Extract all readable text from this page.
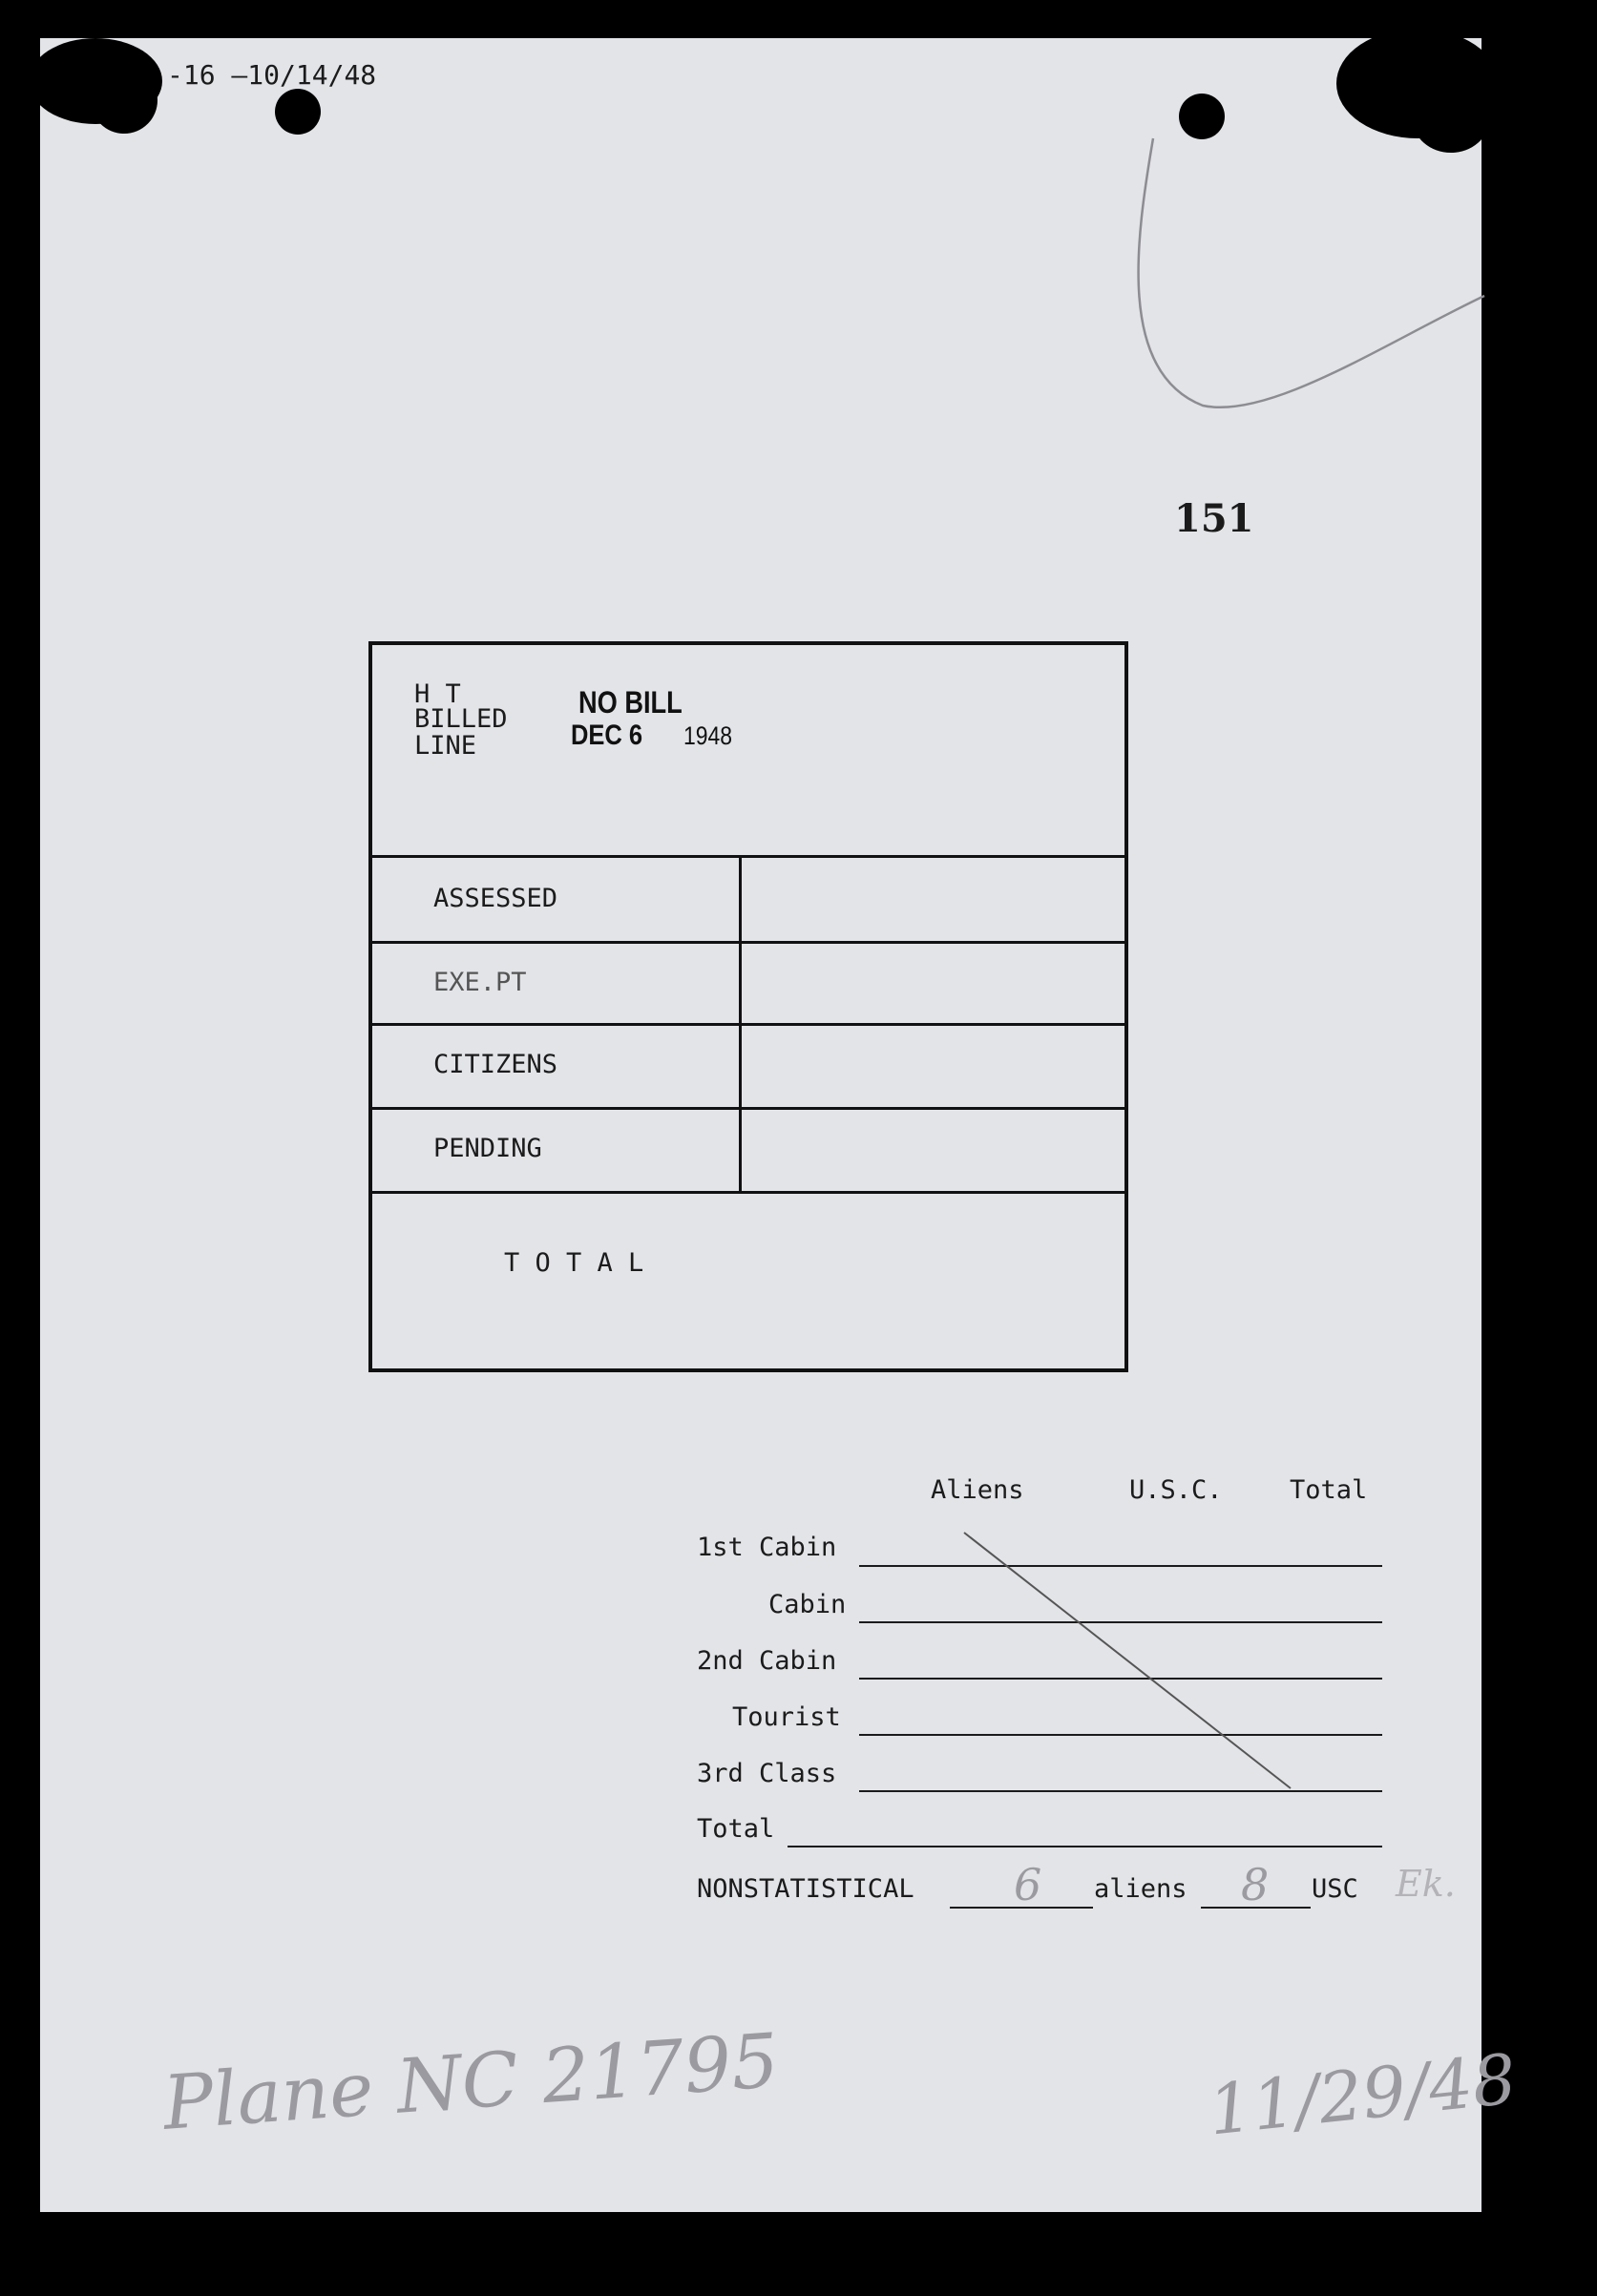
-16 —10/14/48
151
H T
BILLED
LINE
NO BILL
DEC 6 1948
ASSESSED
EXE.PT
CITIZENS
PENDING
T O T A L
Aliens	U.S.C.	Total
1st Cabin
Cabin
2nd Cabin
Tourist
3rd Class
Total
NONSTATISTICAL 6 aliens 8 USC Ek.
Plane NC 21795	11/29/48
